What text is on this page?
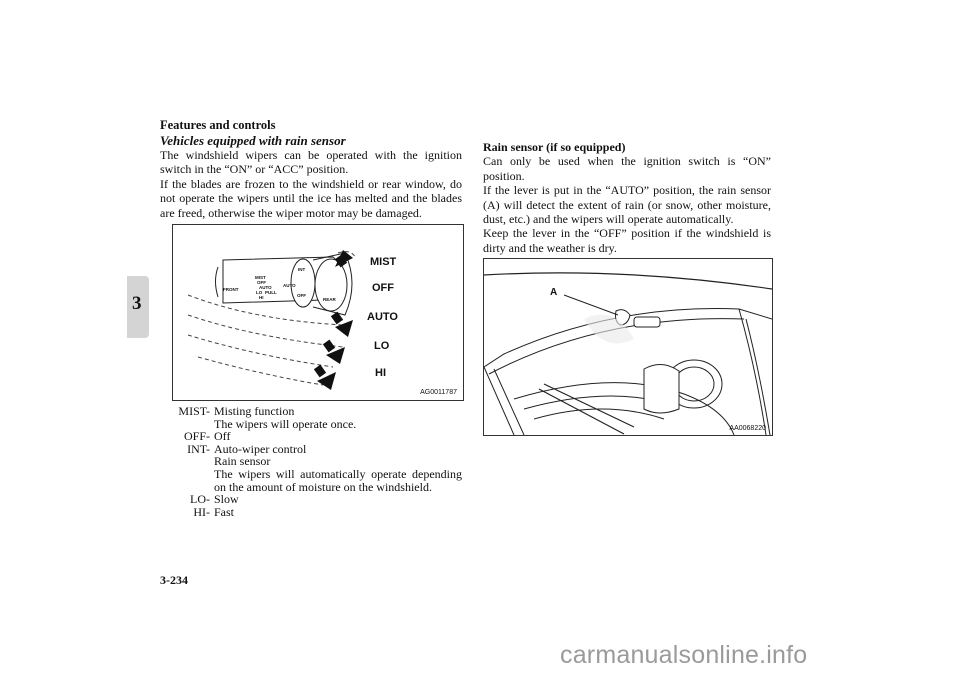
Features and controls
3
Vehicles equipped with rain sensor

The windshield wipers can be operated with the ignition switch in the “ON” or “ACC” position.

If the blades are frozen to the windshield or rear window, do not operate the wipers until the ice has melted and the blades are freed, otherwise the wiper motor may be damaged.

FRONT
MIST
OFF
AUTO
LO PULL
HI
INT
OFF
AUTO
REAR
MIST
OFF
AUTO
LO
HI
AG0011787
MIST- Misting function
The wipers will operate once.
OFF- Off
INT- Auto-wiper control
Rain sensor
The wipers will automatically operate depending on the amount of moisture on the windshield.
LO- Slow
HI- Fast
Rain sensor (if so equipped)

Can only be used when the ignition switch is “ON” position.

If the lever is put in the “AUTO” position, the rain sensor (A) will detect the extent of rain (or snow, other moisture, dust, etc.) and the wipers will operate automatically.

Keep the lever in the “OFF” position if the windshield is dirty and the weather is dry.

A
AA0068220
3-234
carmanualsonline.info
